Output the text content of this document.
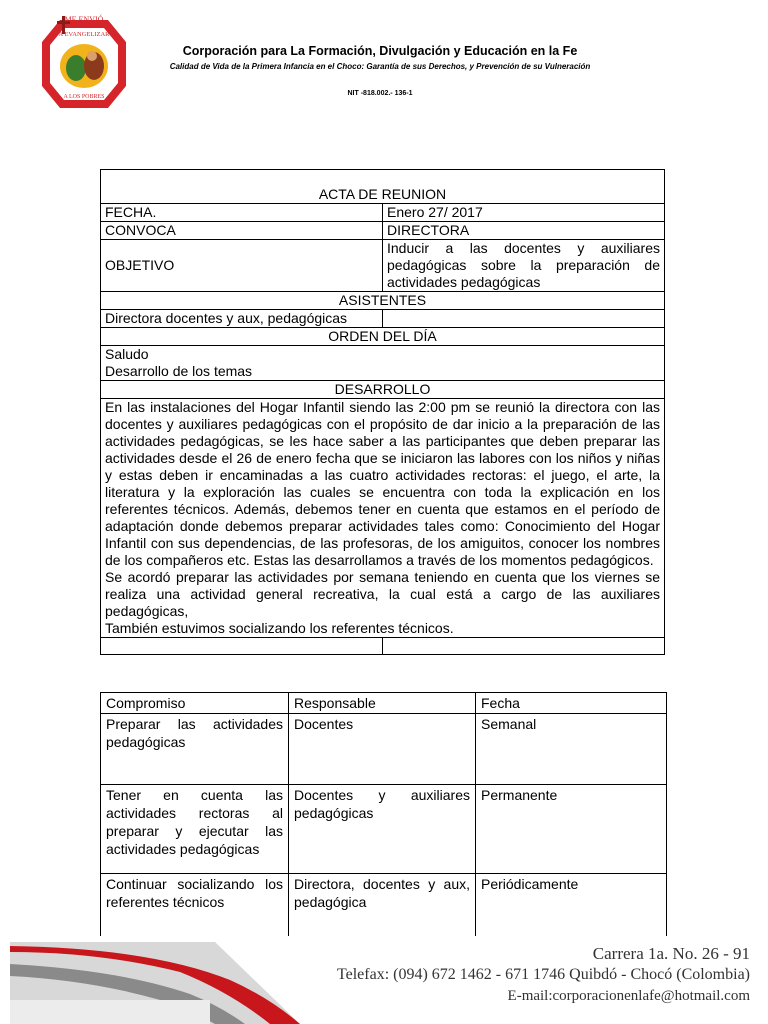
ME ENVIÓ
A EVANGELIZAR
A LOS POBRES
Corporación para La Formación, Divulgación y Educación en la Fe
Calidad de Vida de la Primera Infancia en el Choco: Garantía de sus Derechos, y Prevención de su Vulneración
NIT -818.002.- 136-1
ACTA DE REUNION	
FECHA.	Enero 27/ 2017
CONVOCA	DIRECTORA
OBJETIVO	Inducir a las docentes y auxiliares pedagógicas sobre la preparación de actividades pedagógicas
ASISTENTES	
Directora docentes y aux, pedagógicas	
ORDEN DEL DÍA	

Saludo
Desarrollo de los temas	

DESARROLLO	

En las instalaciones del Hogar Infantil siendo las 2:00 pm se reunió la directora con las docentes y auxiliares pedagógicas con el propósito de dar inicio a la preparación de las actividades pedagógicas, se les hace saber a las participantes que deben preparar las actividades desde el 26 de enero fecha que se iniciaron las labores con los niños y niñas y estas deben ir encaminadas a las cuatro actividades rectoras: el juego, el arte, la literatura y la exploración las cuales se encuentra con toda la explicación en los referentes técnicos. Además, debemos tener en cuenta que estamos en el período de adaptación donde debemos preparar actividades tales como: Conocimiento del Hogar Infantil con sus dependencias, de las profesoras, de los amiguitos, conocer los nombres de los compañeros etc. Estas las desarrollamos a través de los momentos pedagógicos.
Se acordó preparar las actividades por semana teniendo en cuenta que los viernes se realiza una actividad general recreativa, la cual está a cargo de las auxiliares pedagógicas,
También estuvimos socializando los referentes técnicos.	

Compromiso	Responsable	Fecha
Preparar las actividades pedagógicas	Docentes	Semanal
Tener en cuenta las actividades rectoras al preparar y ejecutar las actividades pedagógicas	Docentes y auxiliares pedagógicas	Permanente
Continuar socializando los referentes técnicos	Directora, docentes y aux, pedagógica	Periódicamente
Carrera 1a. No. 26 - 91
Telefax: (094) 672 1462 - 671 1746 Quibdó - Chocó (Colombia)
E-mail:corporacionenlafe@hotmail.com
